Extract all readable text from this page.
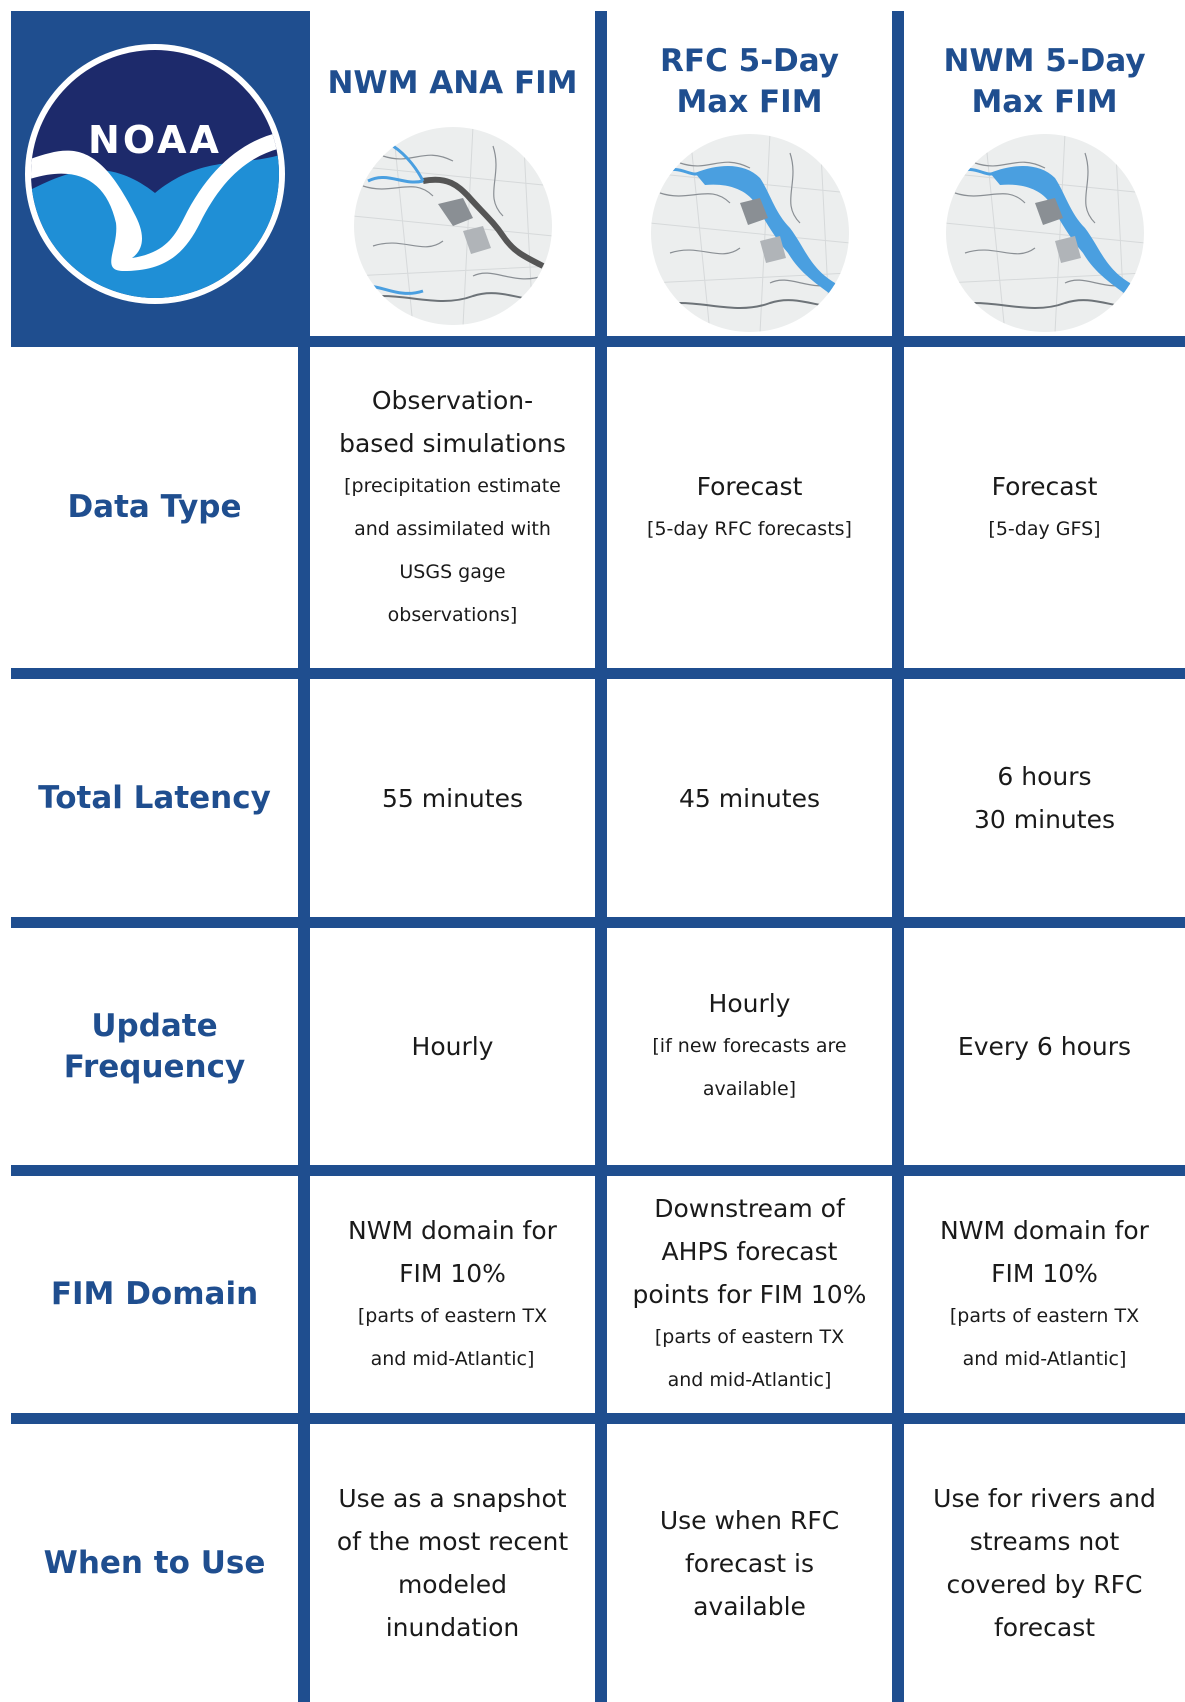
NOAA
NWM ANA FIM
RFC 5-Day
Max FIM
NWM 5-Day
Max FIM
Data Type
Observation-
based simulations
[precipitation estimate
and assimilated with
USGS gage
observations]
Forecast
[5-day RFC forecasts]
Forecast
[5-day GFS]
Total Latency	55 minutes	45 minutes
6 hours
30 minutes
Update
Frequency
Hourly
Hourly
[if new forecasts are
available]
Every 6 hours
FIM Domain
NWM domain for
FIM 10%
[parts of eastern TX
and mid-Atlantic]
Downstream of
AHPS forecast
points for FIM 10%
[parts of eastern TX
and mid-Atlantic]
NWM domain for
FIM 10%
[parts of eastern TX
and mid-Atlantic]
When to Use
Use as a snapshot
of the most recent
modeled
inundation
Use when RFC
forecast is
available
Use for rivers and
streams not
covered by RFC
forecast
